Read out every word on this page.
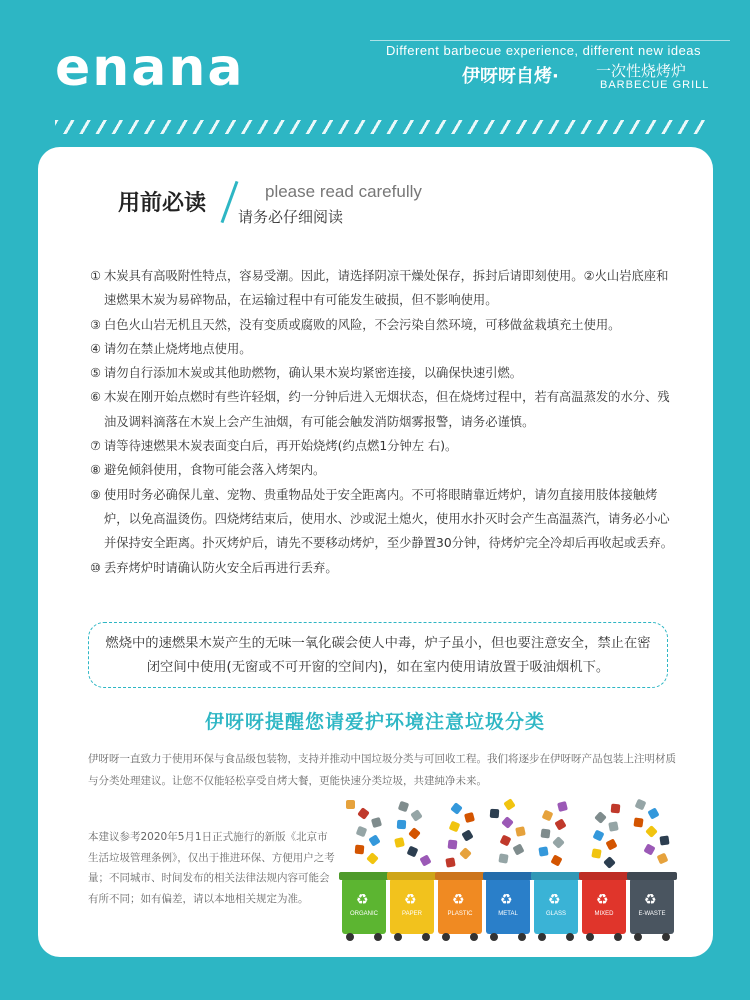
enana	Different barbecue experience, different new ideas
伊呀呀自烤· 一次性烧烤炉
BARBECUE GRILL
用前必读	please read carefully
请务必仔细阅读
① 木炭具有高吸附性特点，容易受潮。因此，请选择阴凉干燥处保存，拆封后请即刻使用。②火山岩底座和速燃果木炭为易碎物品，在运输过程中有可能发生破损，但不影响使用。
③ 白色火山岩无机且天然，没有变质或腐败的风险，不会污染自然环境，可移做盆栽填充土使用。
④ 请勿在禁止烧烤地点使用。
⑤ 请勿自行添加木炭或其他助燃物，确认果木炭均紧密连接，以确保快速引燃。
⑥ 木炭在刚开始点燃时有些许轻烟，约一分钟后进入无烟状态，但在烧烤过程中，若有高温蒸发的水分、残油及调料滴落在木炭上会产生油烟，有可能会触发消防烟雾报警，请务必谨慎。
⑦ 请等待速燃果木炭表面变白后，再开始烧烤(约点燃1分钟左 右)。
⑧ 避免倾斜使用，食物可能会落入烤架内。
⑨ 使用时务必确保儿童、宠物、贵重物品处于安全距离内。不可将眼睛靠近烤炉，请勿直接用肢体接触烤炉，以免高温烫伤。四烧烤结束后，使用水、沙或泥土熄火，使用水扑灭时会产生高温蒸汽，请务必小心并保持安全距离。扑灭烤炉后，请先不要移动烤炉，至少静置30分钟，待烤炉完全冷却后再收起或丢弃。
⑩ 丢弃烤炉时请确认防火安全后再进行丢弃。
燃烧中的速燃果木炭产生的无味一氧化碳会使人中毒，炉子虽小，但也要注意安全，禁止在密闭空间中使用(无窗或不可开窗的空间内)，如在室内使用请放置于吸油烟机下。
伊呀呀提醒您请爱护环境注意垃圾分类
伊呀呀一直致力于使用环保与食品级包装物，支持并推动中国垃圾分类与可回收工程。我们将逐步在伊呀呀产品包装上注明材质与分类处理建议。让您不仅能轻松享受自烤大餐，更能快速分类垃圾，共建純净未来。
本建议参考2020年5月1日正式施行的新版《北京市生活垃圾管理条例》，仅出于推进环保、方便用户之考量；不同城市、时间发布的相关法律法规内容可能会有所不同；如有偏差，请以本地相关规定为准。	♻
ORGANIC
♻
PAPER
♻
PLASTIC
♻
METAL
♻
GLASS
♻
MIXED
♻
E-WASTE
